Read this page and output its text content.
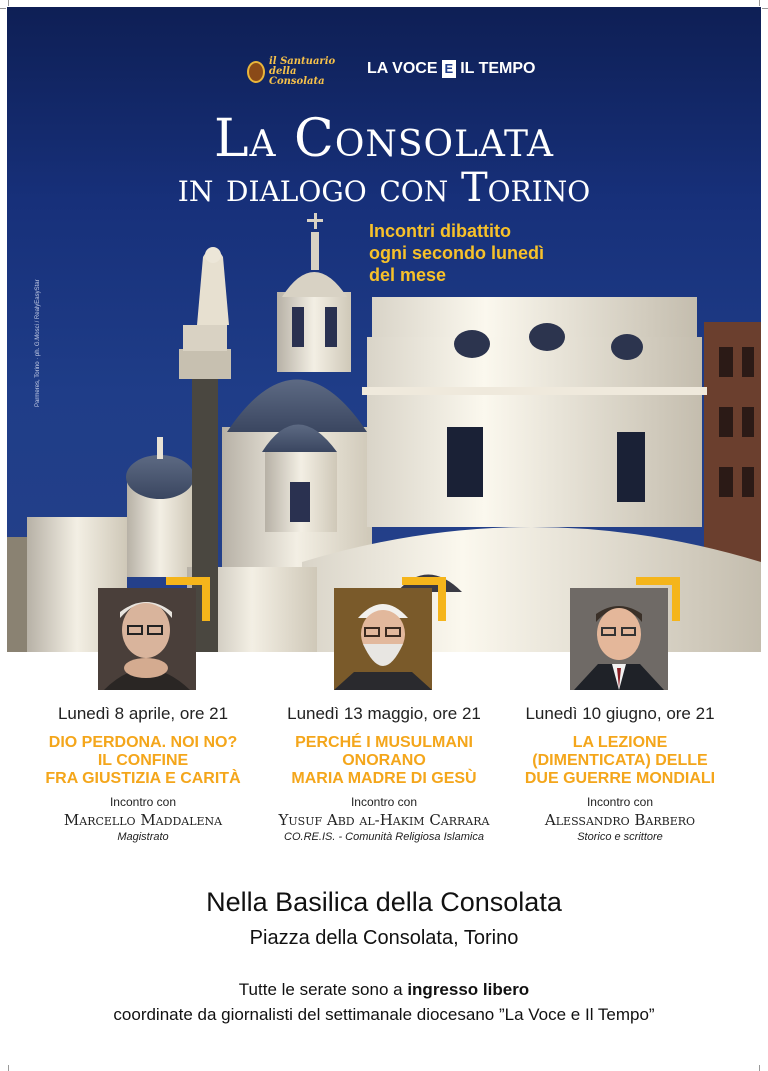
il Santuario della Consolata
LA VOCE E IL TEMPO
La Consolata
in dialogo con Torino
Incontri dibattito
ogni secondo lunedì
del mese
Parmeres, Torino · ph. G.Mosci / RealyEasyStar
Lunedì 8 aprile, ore 21
DIO PERDONA. NOI NO?
IL CONFINE
FRA GIUSTIZIA E CARITÀ
Incontro con
Marcello Maddalena
Magistrato
Lunedì 13 maggio, ore 21
PERCHÉ I MUSULMANI
ONORANO
MARIA MADRE DI GESÙ
Incontro con
Yusuf Abd al-Hakim Carrara
CO.RE.IS. - Comunità Religiosa Islamica
Lunedì 10 giugno, ore 21
LA LEZIONE
(DIMENTICATA) DELLE
DUE GUERRE MONDIALI
Incontro con
Alessandro Barbero
Storico e scrittore
Nella Basilica della Consolata
Piazza della Consolata, Torino
Tutte le serate sono a ingresso libero
coordinate da giornalisti del settimanale diocesano ”La Voce e Il Tempo”
